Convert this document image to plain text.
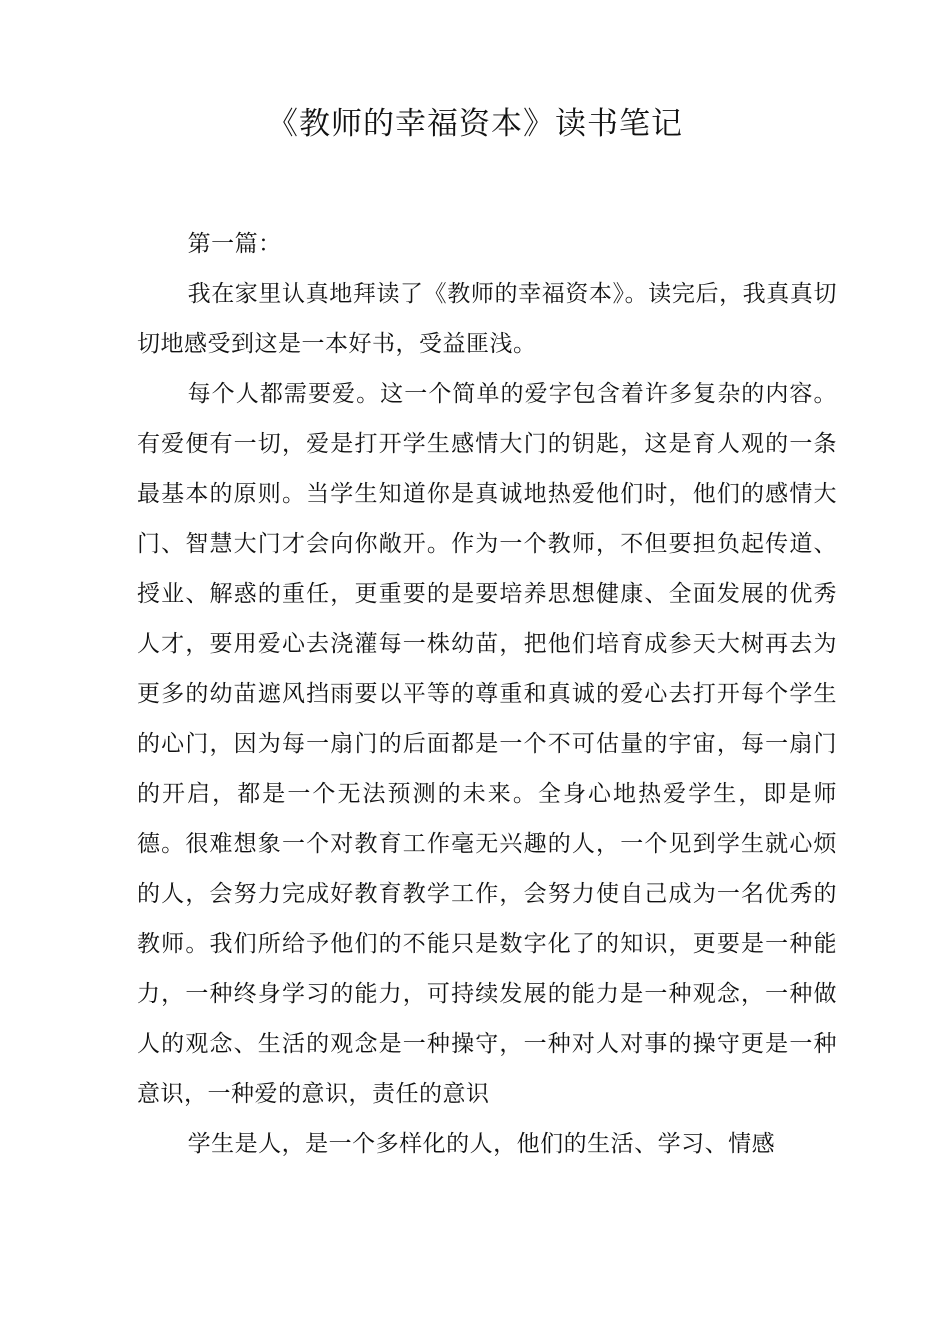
《教师的幸福资本》读书笔记

第一篇：

我在家里认真地拜读了《教师的幸福资本》。读完后，我真真切切地感受到这是一本好书，受益匪浅。

每个人都需要爱。这一个简单的爱字包含着许多复杂的内容。有爱便有一切，爱是打开学生感情大门的钥匙，这是育人观的一条最基本的原则。当学生知道你是真诚地热爱他们时，他们的感情大门、智慧大门才会向你敞开。作为一个教师，不但要担负起传道、授业、解惑的重任，更重要的是要培养思想健康、全面发展的优秀人才，要用爱心去浇灌每一株幼苗，把他们培育成参天大树再去为更多的幼苗遮风挡雨要以平等的尊重和真诚的爱心去打开每个学生的心门，因为每一扇门的后面都是一个不可估量的宇宙，每一扇门的开启，都是一个无法预测的未来。全身心地热爱学生，即是师德。很难想象一个对教育工作毫无兴趣的人，一个见到学生就心烦的人，会努力完成好教育教学工作，会努力使自己成为一名优秀的教师。我们所给予他们的不能只是数字化了的知识，更要是一种能力，一种终身学习的能力，可持续发展的能力是一种观念，一种做人的观念、生活的观念是一种操守，一种对人对事的操守更是一种意识，一种爱的意识，责任的意识

学生是人，是一个多样化的人，他们的生活、学习、情感
